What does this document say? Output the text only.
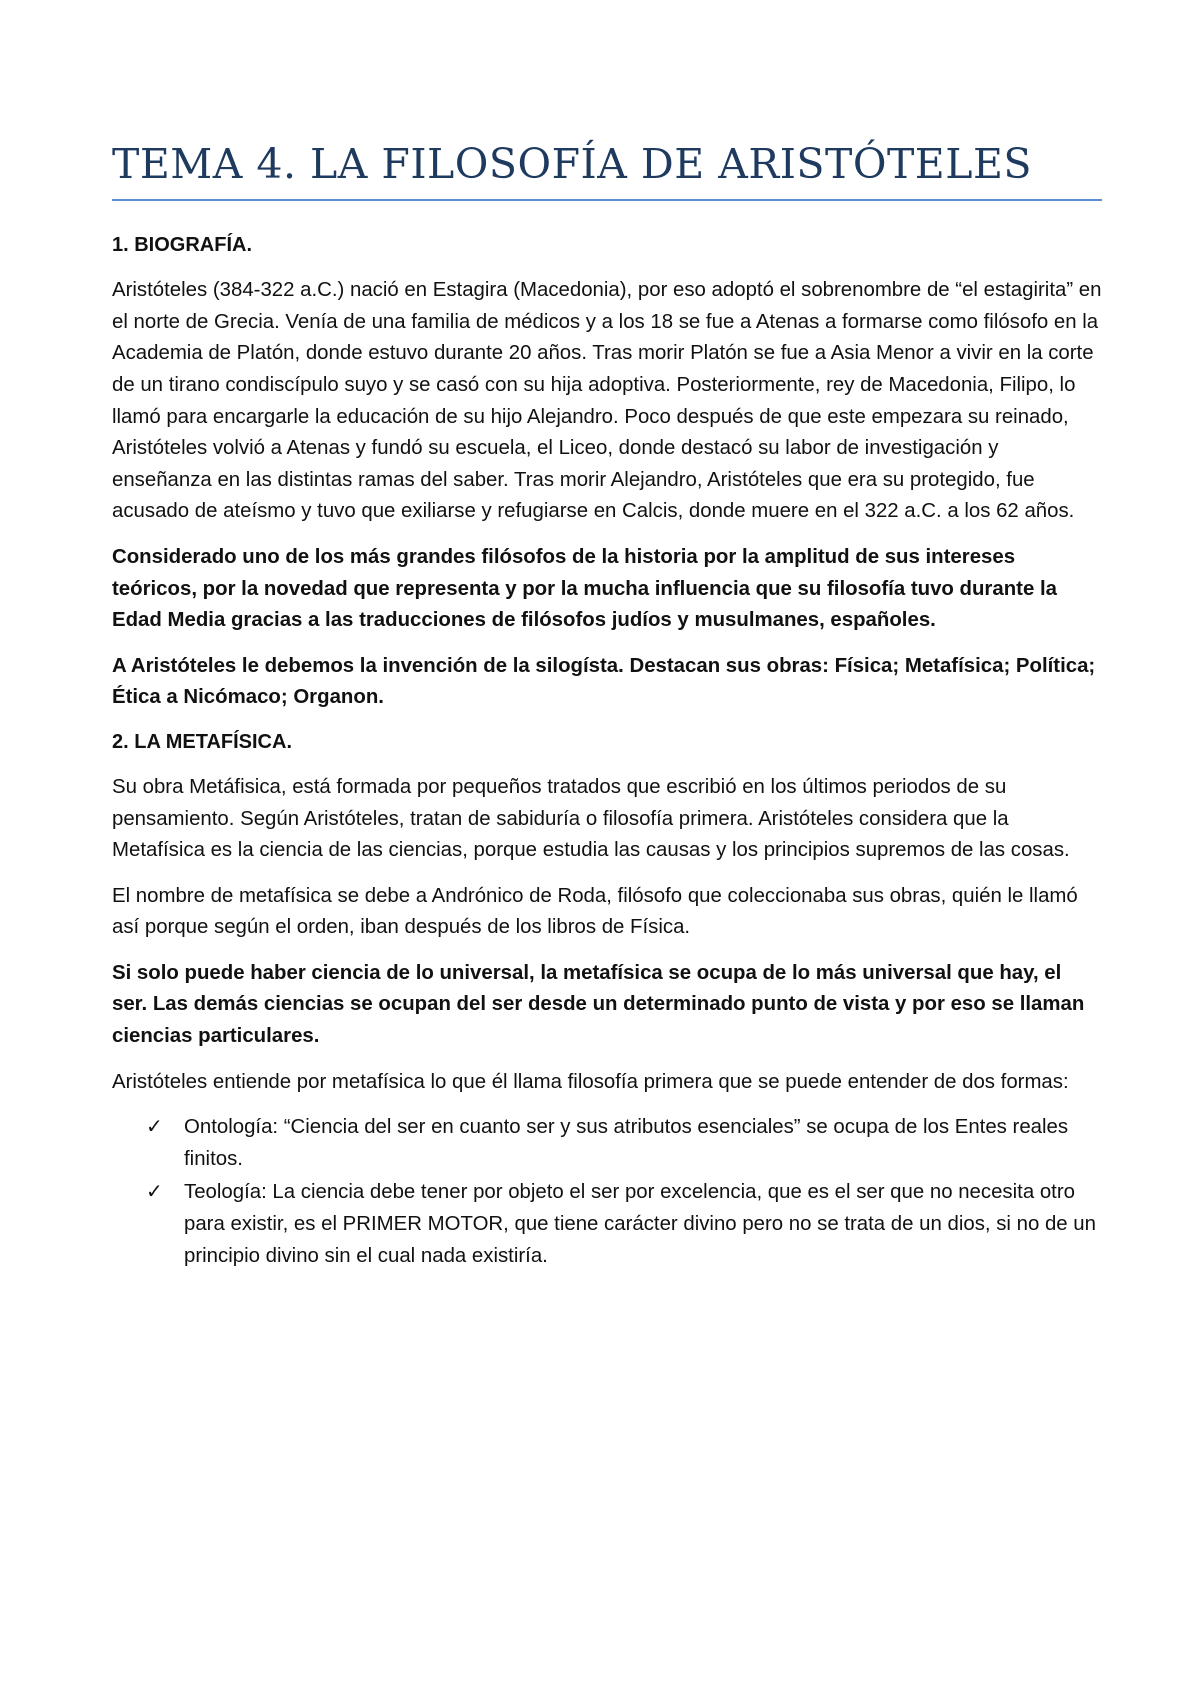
TEMA 4. LA FILOSOFÍA DE ARISTÓTELES
1. BIOGRAFÍA.

Aristóteles (384-322 a.C.) nació en Estagira (Macedonia), por eso adoptó el sobrenombre de “el estagirita” en el norte de Grecia. Venía de una familia de médicos y a los 18 se fue a Atenas a formarse como filósofo en la Academia de Platón, donde estuvo durante 20 años. Tras morir Platón se fue a Asia Menor a vivir en la corte de un tirano condiscípulo suyo y se casó con su hija adoptiva. Posteriormente, rey de Macedonia, Filipo, lo llamó para encargarle la educación de su hijo Alejandro. Poco después de que este empezara su reinado, Aristóteles volvió a Atenas y fundó su escuela, el Liceo, donde destacó su labor de investigación y enseñanza en las distintas ramas del saber. Tras morir Alejandro, Aristóteles que era su protegido, fue acusado de ateísmo y tuvo que exiliarse y refugiarse en Calcis, donde muere en el 322 a.C. a los 62 años.

Considerado uno de los más grandes filósofos de la historia por la amplitud de sus intereses teóricos, por la novedad que representa y por la mucha influencia que su filosofía tuvo durante la Edad Media gracias a las traducciones de filósofos judíos y musulmanes, españoles.

A Aristóteles le debemos la invención de la silogísta. Destacan sus obras: Física; Metafísica; Política; Ética a Nicómaco; Organon.

2. LA METAFÍSICA.

Su obra Metáfisica, está formada por pequeños tratados que escribió en los últimos periodos de su pensamiento. Según Aristóteles, tratan de sabiduría o filosofía primera. Aristóteles considera que la Metafísica es la ciencia de las ciencias, porque estudia las causas y los principios supremos de las cosas.

El nombre de metafísica se debe a Andrónico de Roda, filósofo que coleccionaba sus obras, quién le llamó así porque según el orden, iban después de los libros de Física.

Si solo puede haber ciencia de lo universal, la metafísica se ocupa de lo más universal que hay, el ser. Las demás ciencias se ocupan del ser desde un determinado punto de vista y por eso se llaman ciencias particulares.

Aristóteles entiende por metafísica lo que él llama filosofía primera que se puede entender de dos formas:

✓ Ontología: “Ciencia del ser en cuanto ser y sus atributos esenciales” se ocupa de los Entes reales finitos.
✓ Teología: La ciencia debe tener por objeto el ser por excelencia, que es el ser que no necesita otro para existir, es el PRIMER MOTOR, que tiene carácter divino pero no se trata de un dios, si no de un principio divino sin el cual nada existiría.
